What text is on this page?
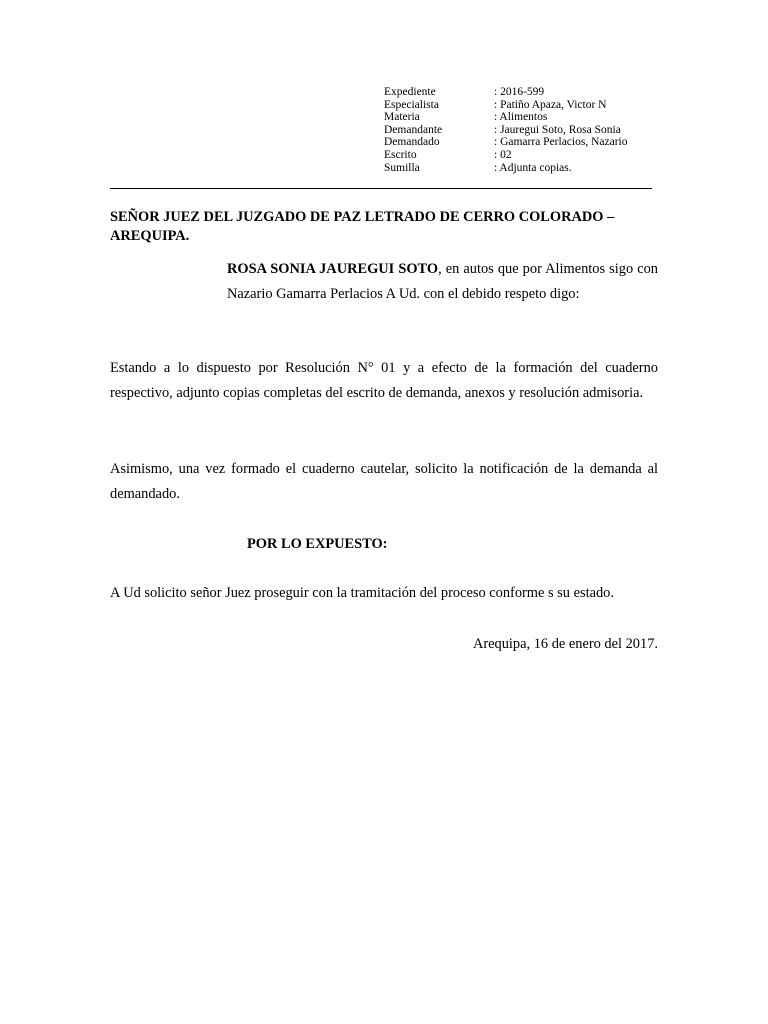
Expediente	: 2016-599
Especialista	: Patiño Apaza, Victor N
Materia	: Alimentos
Demandante	: Jauregui Soto, Rosa Sonia
Demandado	: Gamarra Perlacios, Nazario
Escrito	: 02
Sumilla	: Adjunta copias.
SEÑOR JUEZ DEL JUZGADO DE PAZ LETRADO DE CERRO COLORADO – AREQUIPA.
ROSA SONIA JAUREGUI SOTO, en autos que por Alimentos sigo con Nazario Gamarra Perlacios A Ud. con el debido respeto digo:
Estando a lo dispuesto por Resolución N° 01 y a efecto de la formación del cuaderno respectivo, adjunto copias completas del escrito de demanda, anexos y resolución admisoria.
Asimismo, una vez formado el cuaderno cautelar, solicito la notificación de la demanda al demandado.
POR LO EXPUESTO:
A Ud solicito señor Juez proseguir con la tramitación del proceso conforme s su estado.
Arequipa, 16 de enero del 2017.
